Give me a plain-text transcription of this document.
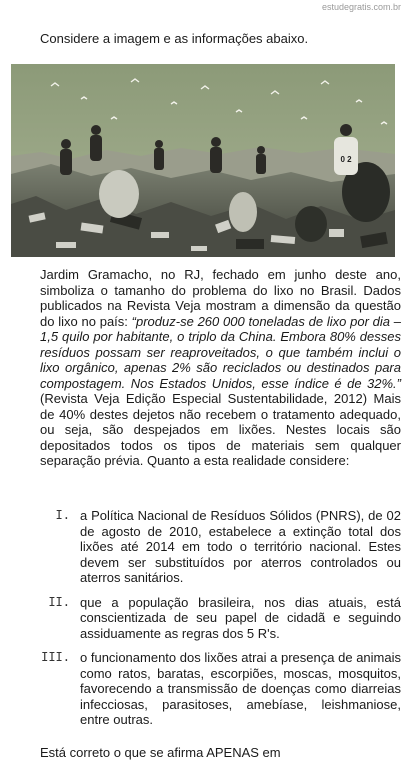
estudegratis.com.br
Considere a imagem e as informações abaixo.
0 2

Jardim Gramacho, no RJ, fechado em junho deste ano, simboliza o tamanho do problema do lixo no Brasil. Dados publicados na Revista Veja mostram a dimensão da questão do lixo no país: “produz-se 260 000 toneladas de lixo por dia – 1,5 quilo por habitante, o triplo da China. Embora 80% desses resíduos possam ser reaproveitados, o que também inclui o lixo orgânico, apenas 2% são reciclados ou destinados para compostagem. Nos Estados Unidos, esse índice é de 32%.” (Revista Veja Edição Especial Sustentabilidade, 2012) Mais de 40% destes dejetos não recebem o tratamento adequado, ou seja, são despejados em lixões. Nestes locais são depositados todos os tipos de materiais sem qualquer separação prévia. Quanto a esta realidade considere:

I. a Política Nacional de Resíduos Sólidos (PNRS), de 02 de agosto de 2010, estabelece a extinção total dos lixões até 2014 em todo o território nacional. Estes devem ser substituídos por aterros controlados ou aterros sanitários.
II. que a população brasileira, nos dias atuais, está conscientizada de seu papel de cidadã e seguindo assiduamente as regras dos 5 R's.
III. o funcionamento dos lixões atrai a presença de animais como ratos, baratas, escorpiões, moscas, mosquitos, favorecendo a transmissão de doenças como diarreias infecciosas, parasitoses, amebíase, leishmaniose, entre outras.
Está correto o que se afirma APENAS em
